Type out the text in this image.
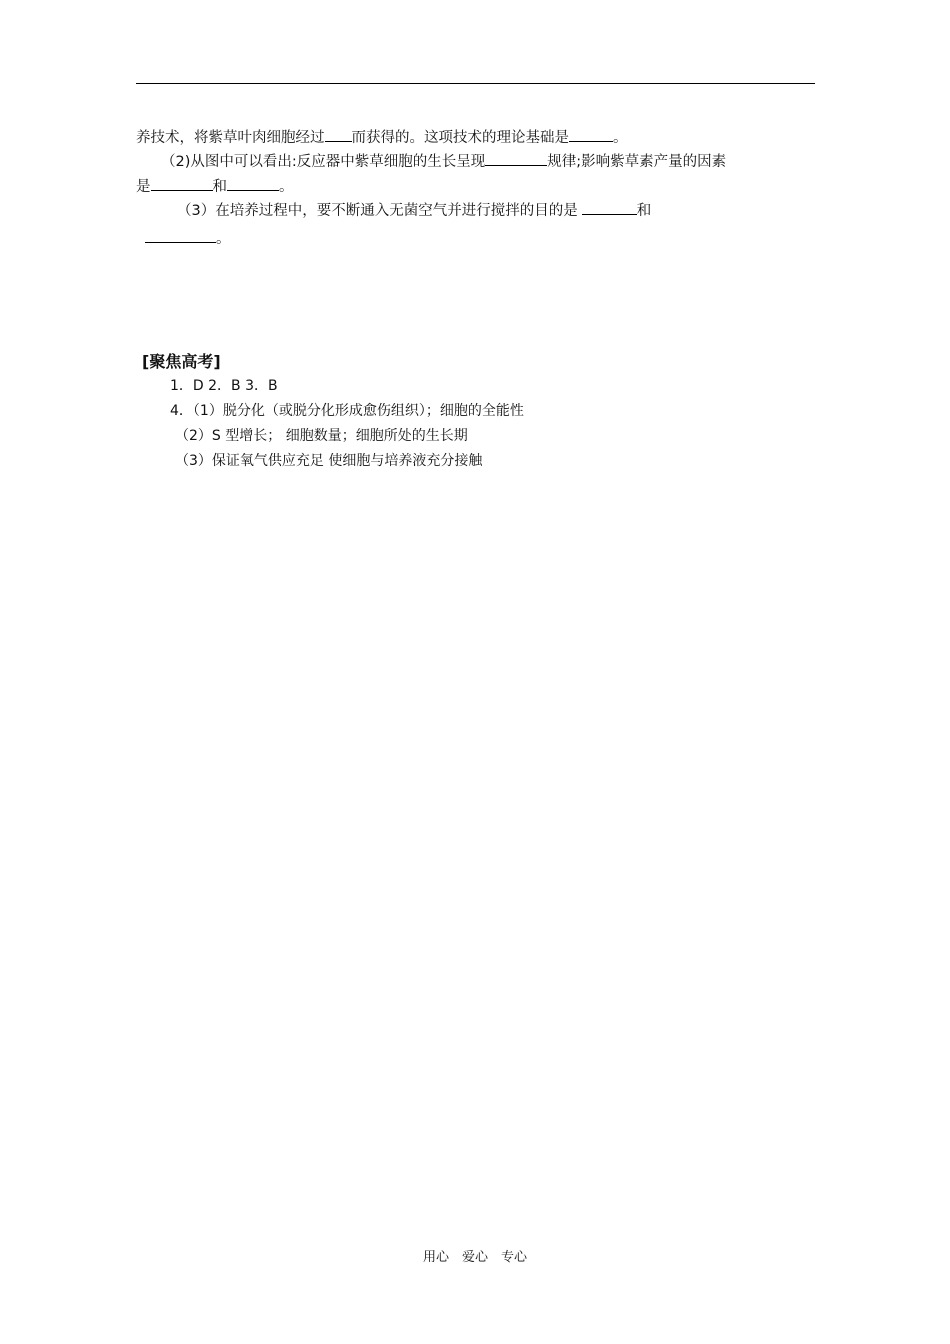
养技术，将紫草叶肉细胞经过 而获得的。这项技术的理论基础是	。
（2)从图中可以看出:反应器中紫草细胞的生长呈现	规律;影响紫草素产量的因素
是	和	。
（3）在培养过程中，要不断通入无菌空气并进行搅拌的目的是	和
。
[聚焦高考]
1．D 2．B 3．B
4．（1）脱分化（或脱分化形成愈伤组织）；细胞的全能性
（2）S 型增长； 细胞数量；细胞所处的生长期
（3）保证氧气供应充足 使细胞与培养液充分接触
用心　爱心　专心
